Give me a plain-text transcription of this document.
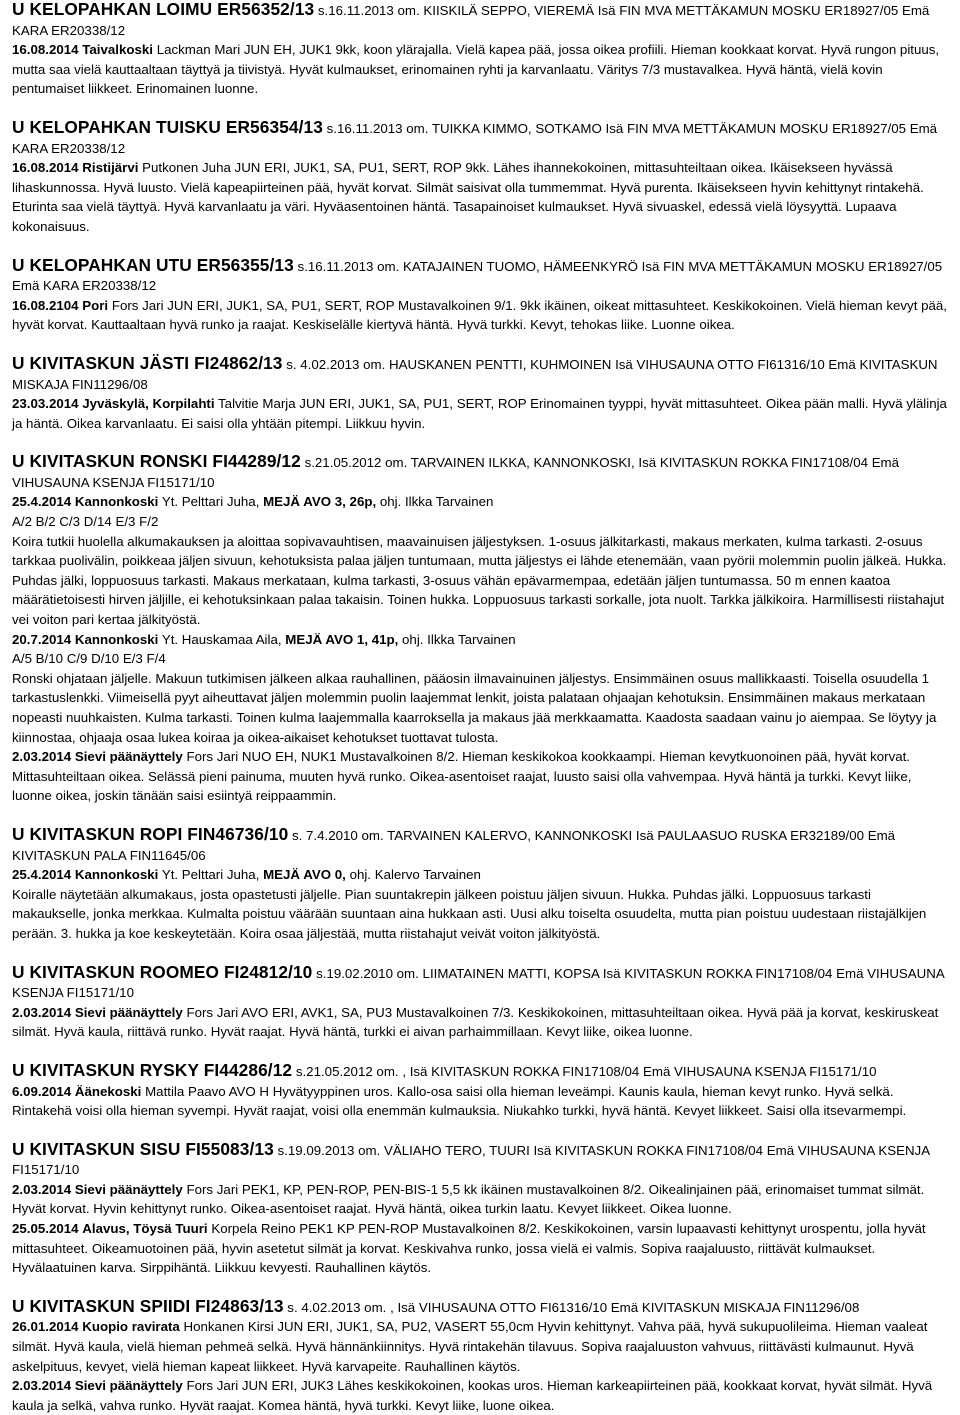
U KELOPAHKAN LOIMU ER56352/13 s.16.11.2013 om. KIISKILÄ SEPPO, VIEREMÄ Isä FIN MVA METTÄKAMUN MOSKU ER18927/05 Emä KARA ER20338/12

16.08.2014 Taivalkoski Lackman Mari JUN EH, JUK1 9kk, koon ylärajalla. Vielä kapea pää, jossa oikea profiili. Hieman kookkaat korvat. Hyvä rungon pituus, mutta saa vielä kauttaaltaan täyttyä ja tiivistyä. Hyvät kulmaukset, erinomainen ryhti ja karvanlaatu. Väritys 7/3 mustavalkea. Hyvä häntä, vielä kovin pentumaiset liikkeet. Erinomainen luonne.

U KELOPAHKAN TUISKU ER56354/13 s.16.11.2013 om. TUIKKA KIMMO, SOTKAMO Isä FIN MVA METTÄKAMUN MOSKU ER18927/05 Emä KARA ER20338/12

16.08.2014 Ristijärvi Putkonen Juha JUN ERI, JUK1, SA, PU1, SERT, ROP 9kk. Lähes ihannekokoinen, mittasuhteiltaan oikea. Ikäisekseen hyvässä lihaskunnossa. Hyvä luusto. Vielä kapeapiirteinen pää, hyvät korvat. Silmät saisivat olla tummemmat. Hyvä purenta. Ikäisekseen hyvin kehittynyt rintakehä. Eturinta saa vielä täyttyä. Hyvä karvanlaatu ja väri. Hyväasentoinen häntä. Tasapainoiset kulmaukset. Hyvä sivuaskel, edessä vielä löysyyttä. Lupaava kokonaisuus.

U KELOPAHKAN UTU ER56355/13 s.16.11.2013 om. KATAJAINEN TUOMO, HÄMEENKYRÖ Isä FIN MVA METTÄKAMUN MOSKU ER18927/05 Emä KARA ER20338/12

16.08.2104 Pori Fors Jari JUN ERI, JUK1, SA, PU1, SERT, ROP Mustavalkoinen 9/1. 9kk ikäinen, oikeat mittasuhteet. Keskikokoinen. Vielä hieman kevyt pää, hyvät korvat. Kauttaaltaan hyvä runko ja raajat. Keskiselälle kiertyvä häntä. Hyvä turkki. Kevyt, tehokas liike. Luonne oikea.

U KIVITASKUN JÄSTI FI24862/13 s. 4.02.2013 om. HAUSKANEN PENTTI, KUHMOINEN Isä VIHUSAUNA OTTO FI61316/10 Emä KIVITASKUN MISKAJA FIN11296/08

23.03.2014 Jyväskylä, Korpilahti Talvitie Marja JUN ERI, JUK1, SA, PU1, SERT, ROP Erinomainen tyyppi, hyvät mittasuhteet. Oikea pään malli. Hyvä ylälinja ja häntä. Oikea karvanlaatu. Ei saisi olla yhtään pitempi. Liikkuu hyvin.

U KIVITASKUN RONSKI FI44289/12 s.21.05.2012 om. TARVAINEN ILKKA, KANNONKOSKI, Isä KIVITASKUN ROKKA FIN17108/04 Emä VIHUSAUNA KSENJA FI15171/10

25.4.2014 Kannonkoski Yt. Pelttari Juha, MEJÄ AVO 3, 26p, ohj. Ilkka Tarvainen

A/2 B/2 C/3 D/14 E/3 F/2

Koira tutkii huolella alkumakauksen ja aloittaa sopivavauhtisen, maavainuisen jäljestyksen. 1-osuus jälkitarkasti, makaus merkaten, kulma tarkasti. 2-osuus tarkkaa puolivälin, poikkeaa jäljen sivuun, kehotuksista palaa jäljen tuntumaan, mutta jäljestys ei lähde etenemään, vaan pyörii molemmin puolin jälkeä. Hukka. Puhdas jälki, loppuosuus tarkasti. Makaus merkataan, kulma tarkasti, 3-osuus vähän epävarmempaa, edetään jäljen tuntumassa. 50 m ennen kaatoa määrätietoisesti hirven jäljille, ei kehotuksinkaan palaa takaisin. Toinen hukka. Loppuosuus tarkasti sorkalle, jota nuolt. Tarkka jälkikoira. Harmillisesti riistahajut vei voiton pari kertaa jälkityöstä.

20.7.2014 Kannonkoski Yt. Hauskamaa Aila, MEJÄ AVO 1, 41p, ohj. Ilkka Tarvainen

A/5 B/10 C/9 D/10 E/3 F/4

Ronski ohjataan jäljelle. Makuun tutkimisen jälkeen alkaa rauhallinen, pääosin ilmavainuinen jäljestys. Ensimmäinen osuus mallikkaasti. Toisella osuudella 1 tarkastuslenkki. Viimeisellä pyyt aiheuttavat jäljen molemmin puolin laajemmat lenkit, joista palataan ohjaajan kehotuksin. Ensimmäinen makaus merkataan nopeasti nuuhkaisten. Kulma tarkasti. Toinen kulma laajemmalla kaarroksella ja makaus jää merkkaamatta. Kaadosta saadaan vainu jo aiempaa. Se löytyy ja kiinnostaa, ohjaaja osaa lukea koiraa ja oikea-aikaiset kehotukset tuottavat tulosta.

2.03.2014 Sievi päänäyttely Fors Jari NUO EH, NUK1 Mustavalkoinen 8/2. Hieman keskikokoa kookkaampi. Hieman kevytkuonoinen pää, hyvät korvat. Mittasuhteiltaan oikea. Selässä pieni painuma, muuten hyvä runko. Oikea-asentoiset raajat, luusto saisi olla vahvempaa. Hyvä häntä ja turkki. Kevyt liike, luonne oikea, joskin tänään saisi esiintyä reippaammin.

U KIVITASKUN ROPI FIN46736/10 s. 7.4.2010 om. TARVAINEN KALERVO, KANNONKOSKI Isä PAULAASUO RUSKA ER32189/00 Emä KIVITASKUN PALA FIN11645/06

25.4.2014 Kannonkoski Yt. Pelttari Juha, MEJÄ AVO 0, ohj. Kalervo Tarvainen

Koiralle näytetään alkumakaus, josta opastetusti jäljelle. Pian suuntakrepin jälkeen poistuu jäljen sivuun. Hukka. Puhdas jälki. Loppuosuus tarkasti makaukselle, jonka merkkaa. Kulmalta poistuu väärään suuntaan aina hukkaan asti. Uusi alku toiselta osuudelta, mutta pian poistuu uudestaan riistajälkijen perään. 3. hukka ja koe keskeytetään. Koira osaa jäljestää, mutta riistahajut veivät voiton jälkityöstä.

U KIVITASKUN ROOMEO FI24812/10 s.19.02.2010 om. LIIMATAINEN MATTI, KOPSA Isä KIVITASKUN ROKKA FIN17108/04 Emä VIHUSAUNA KSENJA FI15171/10

2.03.2014 Sievi päänäyttely Fors Jari AVO ERI, AVK1, SA, PU3 Mustavalkoinen 7/3. Keskikokoinen, mittasuhteiltaan oikea. Hyvä pää ja korvat, keskiruskeat silmät. Hyvä kaula, riittävä runko. Hyvät raajat. Hyvä häntä, turkki ei aivan parhaimmillaan. Kevyt liike, oikea luonne.

U KIVITASKUN RYSKY FI44286/12 s.21.05.2012 om. , Isä KIVITASKUN ROKKA FIN17108/04 Emä VIHUSAUNA KSENJA FI15171/10

6.09.2014 Äänekoski Mattila Paavo AVO H Hyvätyyppinen uros. Kallo-osa saisi olla hieman leveämpi. Kaunis kaula, hieman kevyt runko. Hyvä selkä. Rintakehä voisi olla hieman syvempi. Hyvät raajat, voisi olla enemmän kulmauksia. Niukahko turkki, hyvä häntä. Kevyet liikkeet. Saisi olla itsevarmempi.

U KIVITASKUN SISU FI55083/13 s.19.09.2013 om. VÄLIAHO TERO, TUURI Isä KIVITASKUN ROKKA FIN17108/04 Emä VIHUSAUNA KSENJA FI15171/10

2.03.2014 Sievi päänäyttely Fors Jari PEK1, KP, PEN-ROP, PEN-BIS-1 5,5 kk ikäinen mustavalkoinen 8/2. Oikealinjainen pää, erinomaiset tummat silmät. Hyvät korvat. Hyvin kehittynyt runko. Oikea-asentoiset raajat. Hyvä häntä, oikea turkin laatu. Kevyet liikkeet. Oikea luonne.

25.05.2014 Alavus, Töysä Tuuri Korpela Reino PEK1 KP PEN-ROP Mustavalkoinen 8/2. Keskikokoinen, varsin lupaavasti kehittynyt urospentu, jolla hyvät mittasuhteet. Oikeamuotoinen pää, hyvin asetetut silmät ja korvat. Keskivahva runko, jossa vielä ei valmis. Sopiva raajaluusto, riittävät kulmaukset. Hyvälaatuinen karva. Sirppihäntä. Liikkuu kevyesti. Rauhallinen käytös.

U KIVITASKUN SPIIDI FI24863/13 s. 4.02.2013 om. , Isä VIHUSAUNA OTTO FI61316/10 Emä KIVITASKUN MISKAJA FIN11296/08

26.01.2014 Kuopio ravirata Honkanen Kirsi JUN ERI, JUK1, SA, PU2, VASERT 55,0cm Hyvin kehittynyt. Vahva pää, hyvä sukupuolileima. Hieman vaaleat silmät. Hyvä kaula, vielä hieman pehmeä selkä. Hyvä hännänkiinnitys. Hyvä rintakehän tilavuus. Sopiva raajaluuston vahvuus, riittävästi kulmaunut. Hyvä askelpituus, kevyet, vielä hieman kapeat liikkeet. Hyvä karvapeite. Rauhallinen käytös.

2.03.2014 Sievi päänäyttely Fors Jari JUN ERI, JUK3 Lähes keskikokoinen, kookas uros. Hieman karkeapiirteinen pää, kookkaat korvat, hyvät silmät. Hyvä kaula ja selkä, vahva runko. Hyvät raajat. Komea häntä, hyvä turkki. Kevyt liike, luone oikea.
